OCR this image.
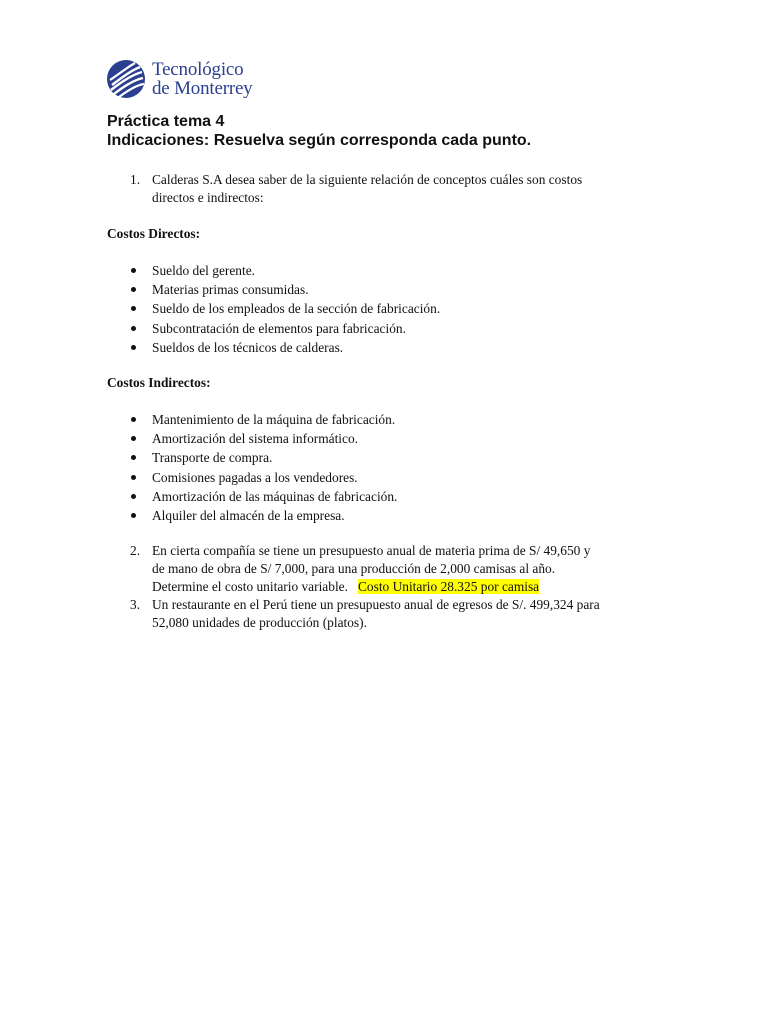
Tecnológico
de Monterrey
Práctica tema 4
Indicaciones: Resuelva según corresponda cada punto.
1. Calderas S.A desea saber de la siguiente relación de conceptos cuáles son costos
directos e indirectos:
Costos Directos:
Sueldo del gerente.
Materias primas consumidas.
Sueldo de los empleados de la sección de fabricación.
Subcontratación de elementos para fabricación.
Sueldos de los técnicos de calderas.
Costos Indirectos:
Mantenimiento de la máquina de fabricación.
Amortización del sistema informático.
Transporte de compra.
Comisiones pagadas a los vendedores.
Amortización de las máquinas de fabricación.
Alquiler del almacén de la empresa.
2. En cierta compañía se tiene un presupuesto anual de materia prima de S/ 49,650 y
de mano de obra de S/ 7,000, para una producción de 2,000 camisas al año.
Determine el costo unitario variable. Costo Unitario 28.325 por camisa
3. Un restaurante en el Perú tiene un presupuesto anual de egresos de S/. 499,324 para
52,080 unidades de producción (platos).
